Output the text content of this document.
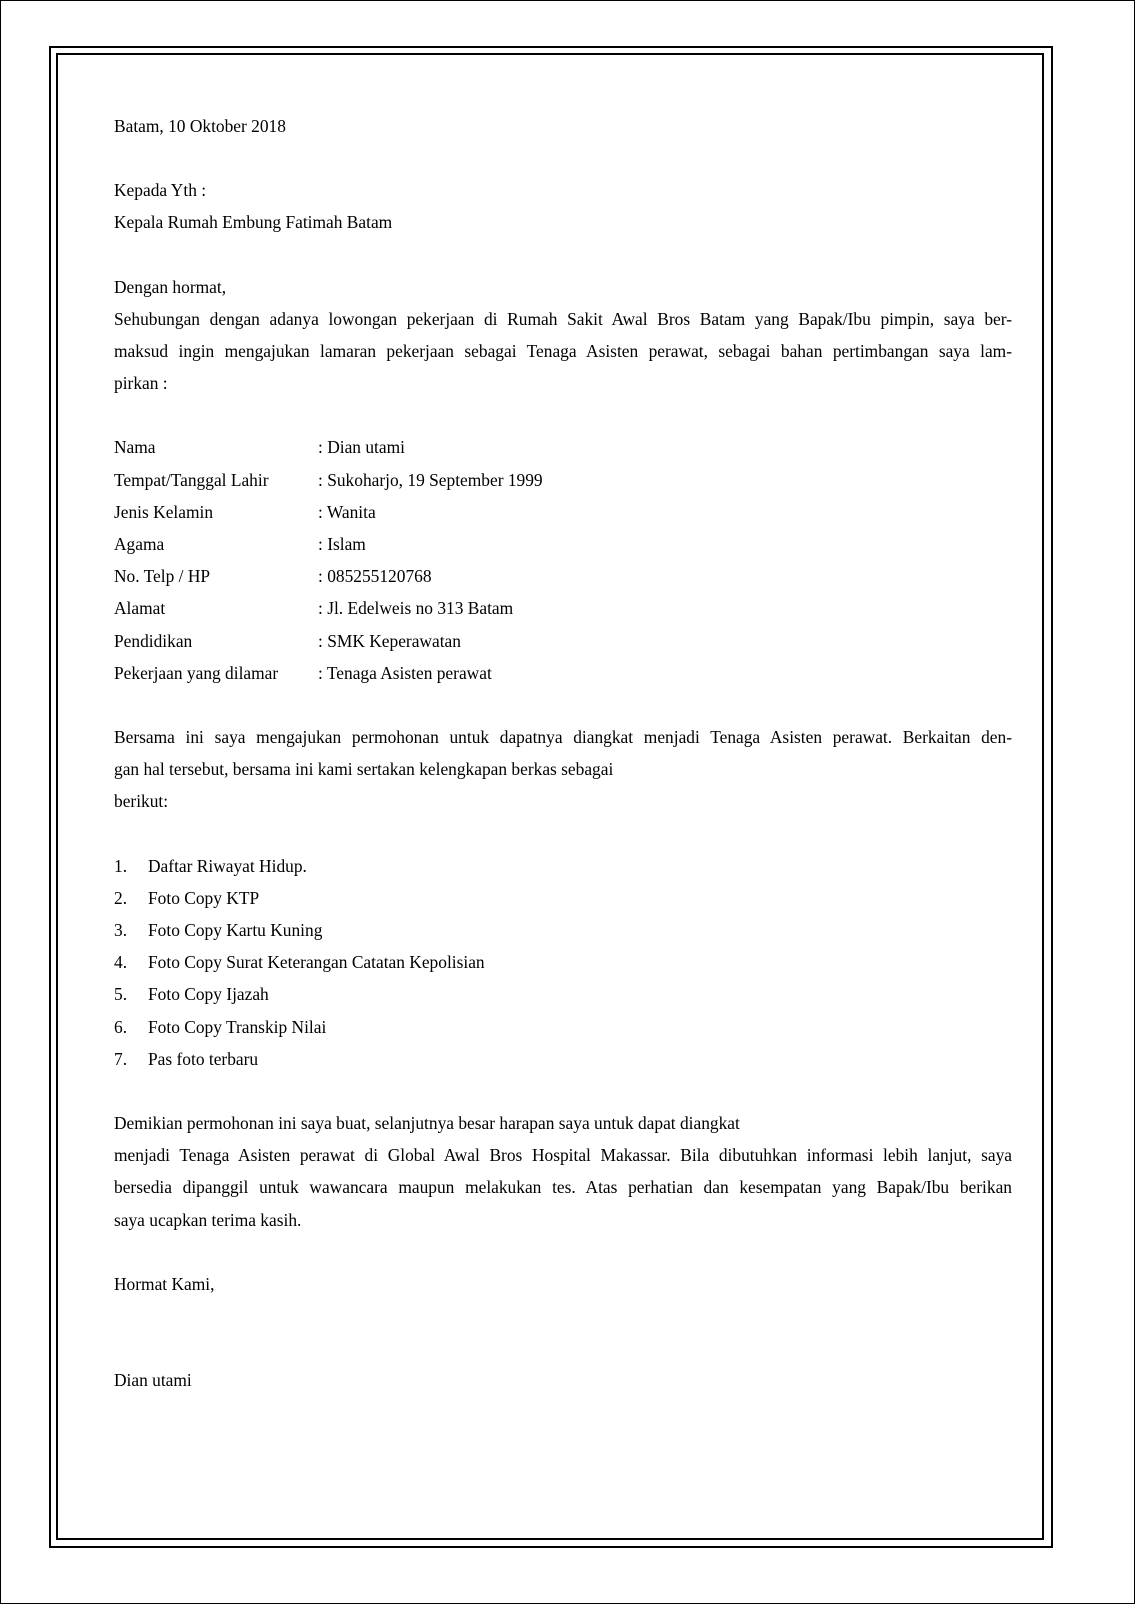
Batam, 10 Oktober 2018

Kepada Yth :

Kepala Rumah Embung Fatimah Batam

Dengan hormat,

Sehubungan dengan adanya lowongan pekerjaan di Rumah Sakit Awal Bros Batam yang Bapak/Ibu pimpin, saya ber-

maksud ingin mengajukan lamaran pekerjaan sebagai Tenaga Asisten perawat, sebagai bahan pertimbangan saya lam-

pirkan :

Nama	: Dian utami
Tempat/Tanggal Lahir	: Sukoharjo, 19 September 1999
Jenis Kelamin	: Wanita
Agama	: Islam
No. Telp / HP	: 085255120768
Alamat	: Jl. Edelweis no 313 Batam
Pendidikan	: SMK Keperawatan
Pekerjaan yang dilamar	: Tenaga Asisten perawat

Bersama ini saya mengajukan permohonan untuk dapatnya diangkat menjadi Tenaga Asisten perawat. Berkaitan den-

gan hal tersebut, bersama ini kami sertakan kelengkapan berkas sebagai

berikut:

1.	Daftar Riwayat Hidup.
2.	Foto Copy KTP
3.	Foto Copy Kartu Kuning
4.	Foto Copy Surat Keterangan Catatan Kepolisian
5.	Foto Copy Ijazah
6.	Foto Copy Transkip Nilai
7.	Pas foto terbaru

Demikian permohonan ini saya buat, selanjutnya besar harapan saya untuk dapat diangkat

menjadi Tenaga Asisten perawat di Global Awal Bros Hospital Makassar. Bila dibutuhkan informasi lebih lanjut, saya

bersedia dipanggil untuk wawancara maupun melakukan tes. Atas perhatian dan kesempatan yang Bapak/Ibu berikan

saya ucapkan terima kasih.

Hormat Kami,

Dian utami
